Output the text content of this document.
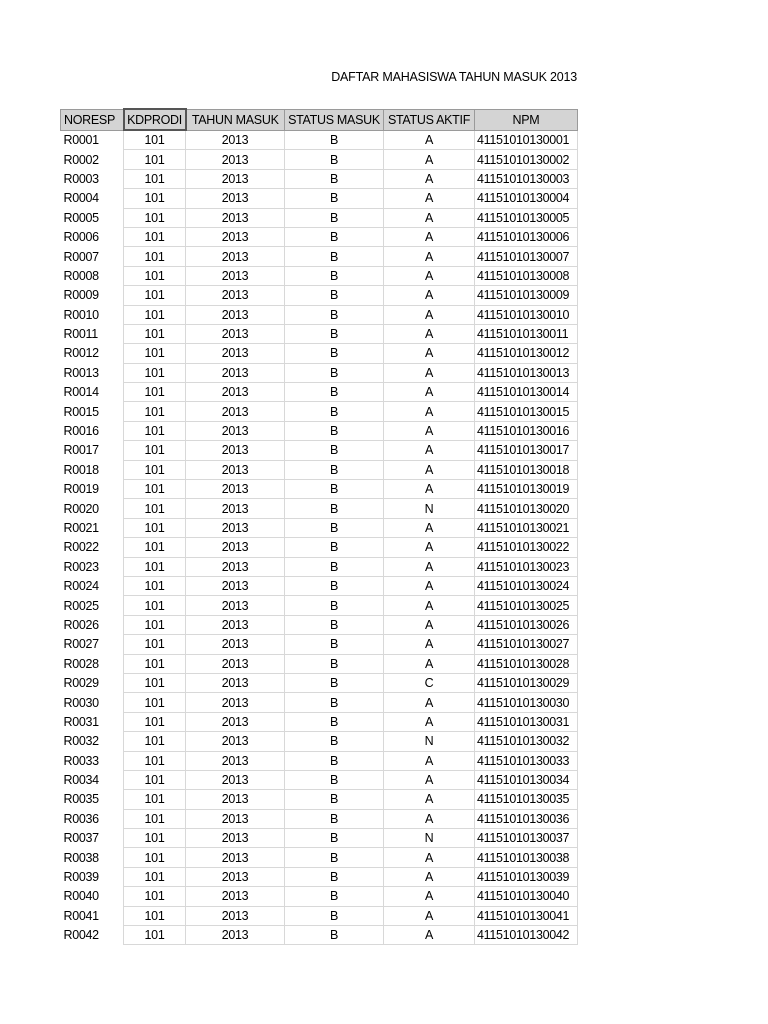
DAFTAR MAHASISWA TAHUN MASUK 2013
NORESP	KDPRODI	TAHUN MASUK	STATUS MASUK	STATUS AKTIF	NPM
R0001	101	2013	B	A	41151010130001
R0002	101	2013	B	A	41151010130002
R0003	101	2013	B	A	41151010130003
R0004	101	2013	B	A	41151010130004
R0005	101	2013	B	A	41151010130005
R0006	101	2013	B	A	41151010130006
R0007	101	2013	B	A	41151010130007
R0008	101	2013	B	A	41151010130008
R0009	101	2013	B	A	41151010130009
R0010	101	2013	B	A	41151010130010
R0011	101	2013	B	A	41151010130011
R0012	101	2013	B	A	41151010130012
R0013	101	2013	B	A	41151010130013
R0014	101	2013	B	A	41151010130014
R0015	101	2013	B	A	41151010130015
R0016	101	2013	B	A	41151010130016
R0017	101	2013	B	A	41151010130017
R0018	101	2013	B	A	41151010130018
R0019	101	2013	B	A	41151010130019
R0020	101	2013	B	N	41151010130020
R0021	101	2013	B	A	41151010130021
R0022	101	2013	B	A	41151010130022
R0023	101	2013	B	A	41151010130023
R0024	101	2013	B	A	41151010130024
R0025	101	2013	B	A	41151010130025
R0026	101	2013	B	A	41151010130026
R0027	101	2013	B	A	41151010130027
R0028	101	2013	B	A	41151010130028
R0029	101	2013	B	C	41151010130029
R0030	101	2013	B	A	41151010130030
R0031	101	2013	B	A	41151010130031
R0032	101	2013	B	N	41151010130032
R0033	101	2013	B	A	41151010130033
R0034	101	2013	B	A	41151010130034
R0035	101	2013	B	A	41151010130035
R0036	101	2013	B	A	41151010130036
R0037	101	2013	B	N	41151010130037
R0038	101	2013	B	A	41151010130038
R0039	101	2013	B	A	41151010130039
R0040	101	2013	B	A	41151010130040
R0041	101	2013	B	A	41151010130041
R0042	101	2013	B	A	41151010130042
